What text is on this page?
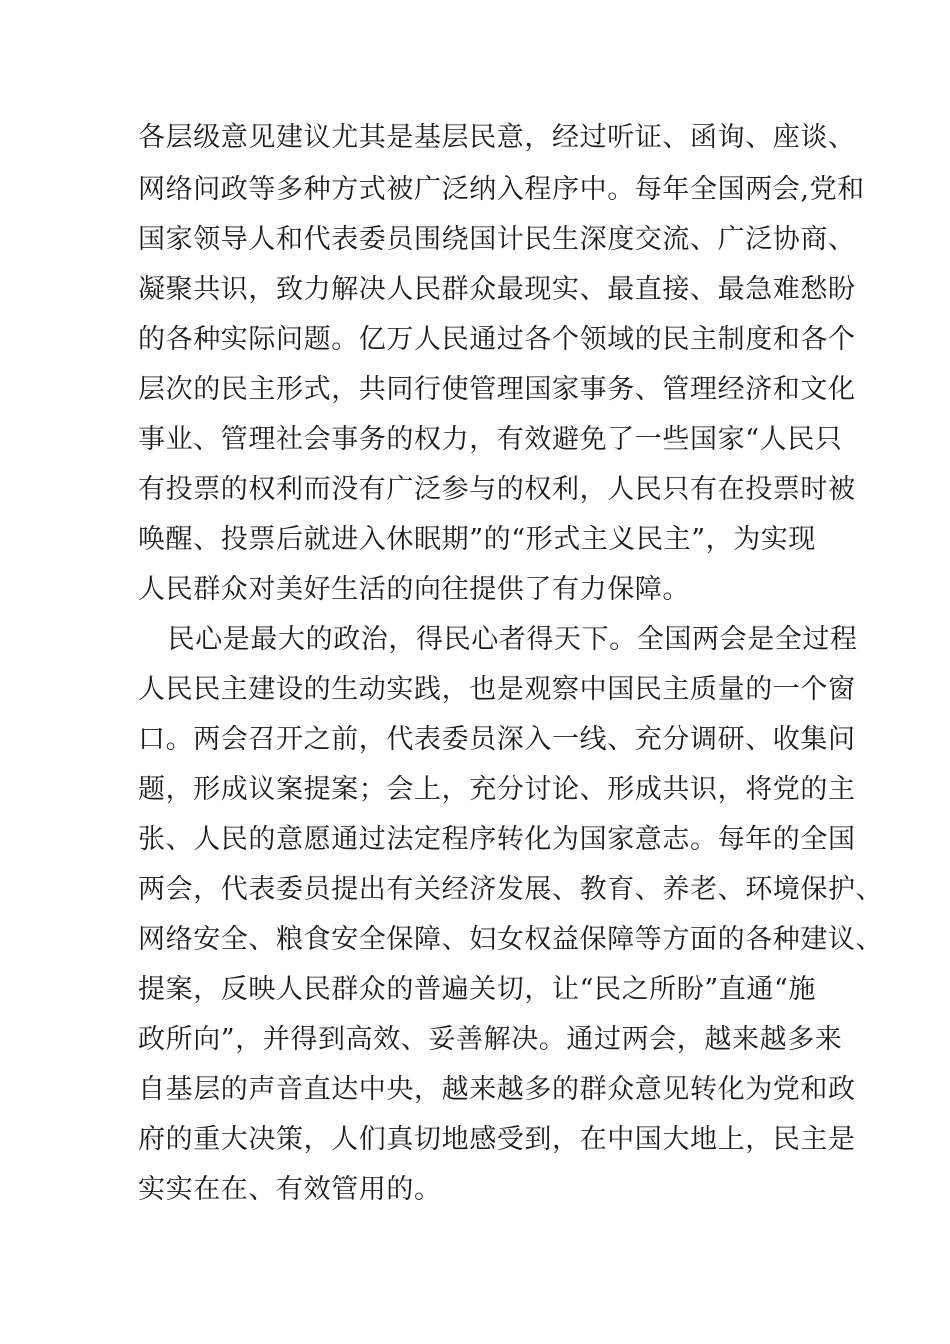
各层级意见建议尤其是基层民意，经过听证、函询、座谈、
网络问政等多种方式被广泛纳入程序中。每年全国两会,党和
国家领导人和代表委员围绕国计民生深度交流、广泛协商、
凝聚共识，致力解决人民群众最现实、最直接、最急难愁盼
的各种实际问题。亿万人民通过各个领域的民主制度和各个
层次的民主形式，共同行使管理国家事务、管理经济和文化
事业、管理社会事务的权力，有效避免了一些国家“人民只
有投票的权利而没有广泛参与的权利，人民只有在投票时被
唤醒、投票后就进入休眠期”的“形式主义民主”，为实现
人民群众对美好生活的向往提供了有力保障。
　民心是最大的政治，得民心者得天下。全国两会是全过程
人民民主建设的生动实践，也是观察中国民主质量的一个窗
口。两会召开之前，代表委员深入一线、充分调研、收集问
题，形成议案提案；会上，充分讨论、形成共识，将党的主
张、人民的意愿通过法定程序转化为国家意志。每年的全国
两会，代表委员提出有关经济发展、教育、养老、环境保护、
网络安全、粮食安全保障、妇女权益保障等方面的各种建议、
提案，反映人民群众的普遍关切，让“民之所盼”直通“施
政所向”，并得到高效、妥善解决。通过两会，越来越多来
自基层的声音直达中央，越来越多的群众意见转化为党和政
府的重大决策，人们真切地感受到，在中国大地上，民主是
实实在在、有效管用的。
